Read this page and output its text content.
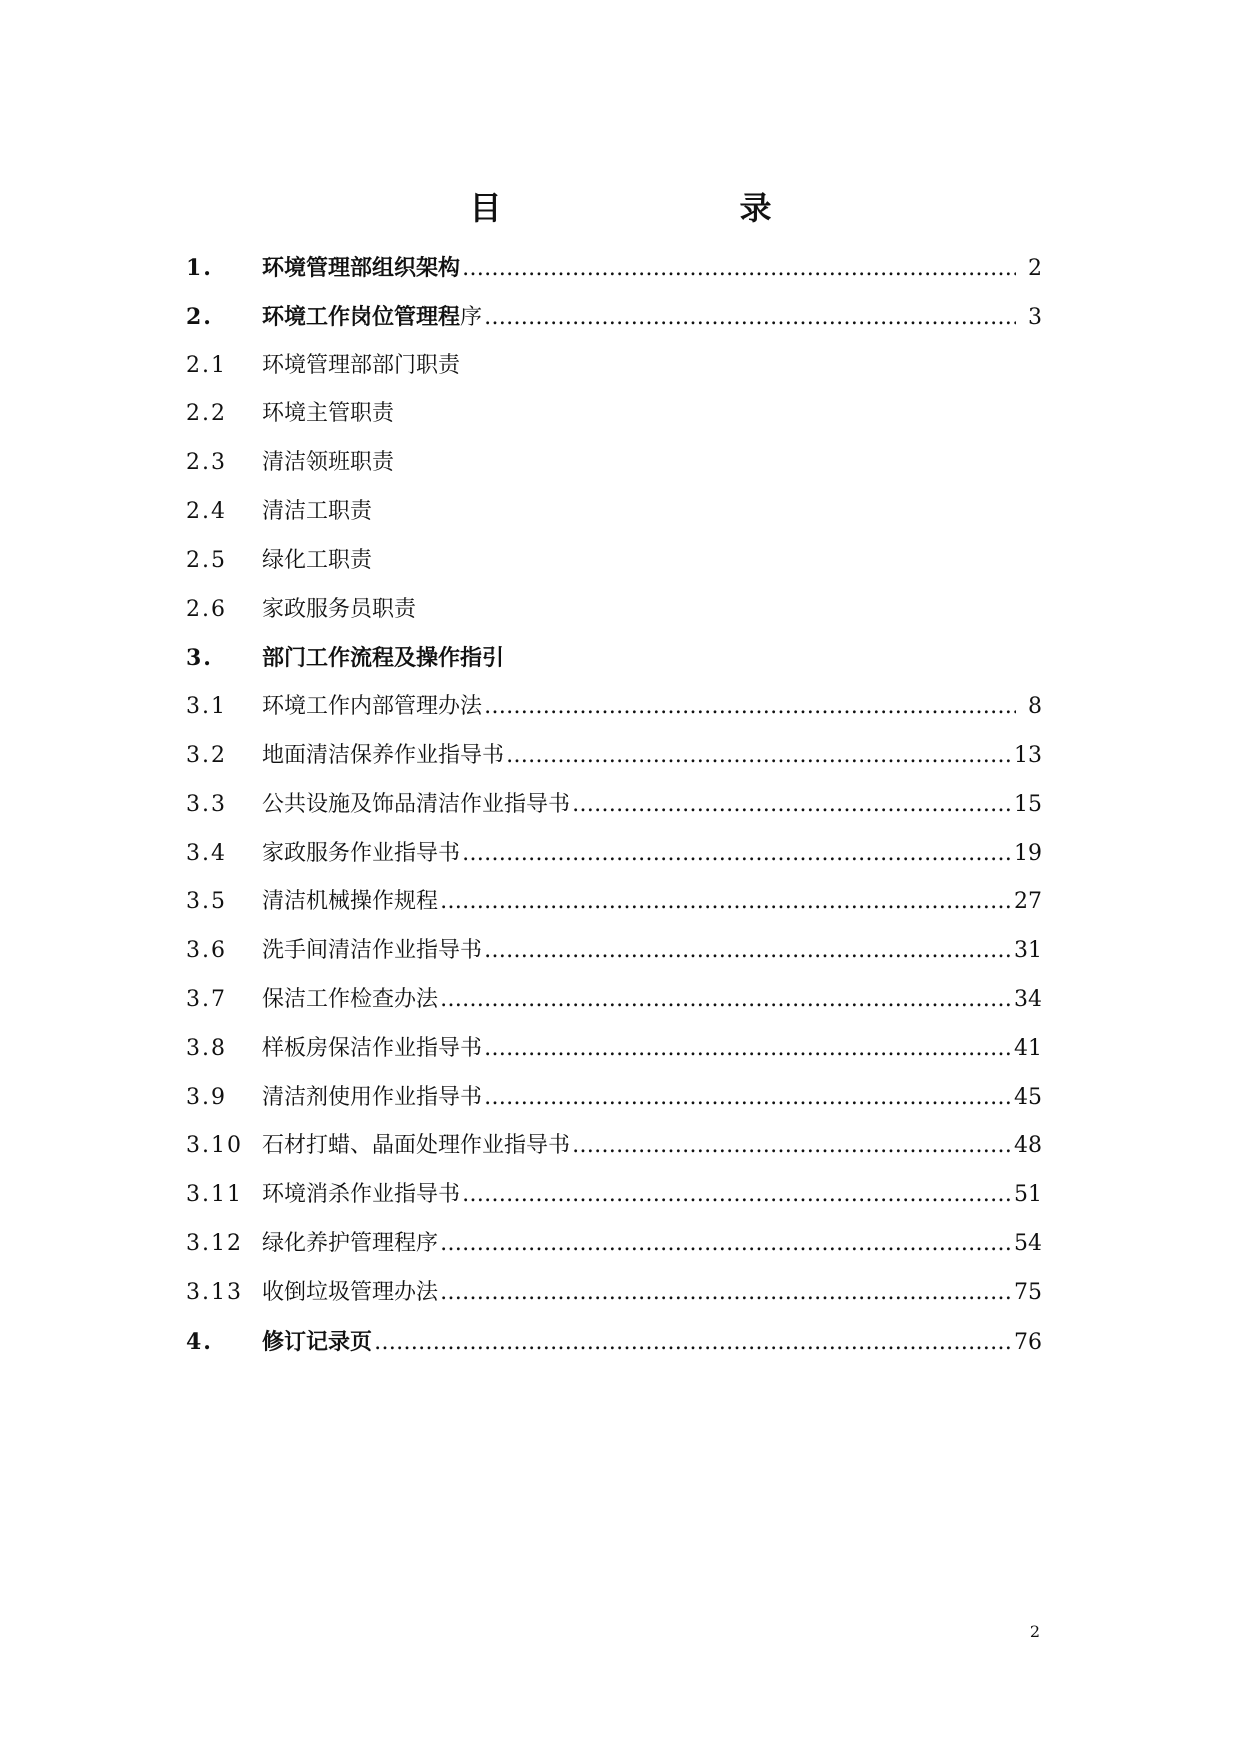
目　　录
1.	环境管理部组织架构 ………………………………………………………………………………………………………………………………………………………………	2
2.	环境工作岗位管理程 序 ………………………………………………………………………………………………………………………………………………………………	3
2.1	环境管理部部门职责
2.2	环境主管职责
2.3	清洁领班职责
2.4	清洁工职责
2.5	绿化工职责
2.6	家政服务员职责
3.	部门工作流程及操作指引
3.1	环境工作内部管理办法 ………………………………………………………………………………………………………………………………………………………………	8
3.2	地面清洁保养作业指导书 ………………………………………………………………………………………………………………………………………………………………	13
3.3	公共设施及饰品清洁作业指导书 ………………………………………………………………………………………………………………………………………………………………	15
3.4	家政服务作业指导书 ………………………………………………………………………………………………………………………………………………………………	19
3.5	清洁机械操作规程 ………………………………………………………………………………………………………………………………………………………………	27
3.6	洗手间清洁作业指导书 ………………………………………………………………………………………………………………………………………………………………	31
3.7	保洁工作检查办法 ………………………………………………………………………………………………………………………………………………………………	34
3.8	样板房保洁作业指导书 ………………………………………………………………………………………………………………………………………………………………	41
3.9	清洁剂使用作业指导书 ………………………………………………………………………………………………………………………………………………………………	45
3.10 石材打蜡、晶面处理作业指导书 ………………………………………………………………………………………………………………………………………………………………	48
3.11 环境消杀作业指导书 ………………………………………………………………………………………………………………………………………………………………	51
3.12 绿化养护管理程序 ………………………………………………………………………………………………………………………………………………………………	54
3.13 收倒垃圾管理办法 ………………………………………………………………………………………………………………………………………………………………	75
4.	修订记录页 ………………………………………………………………………………………………………………………………………………………………	76
2
